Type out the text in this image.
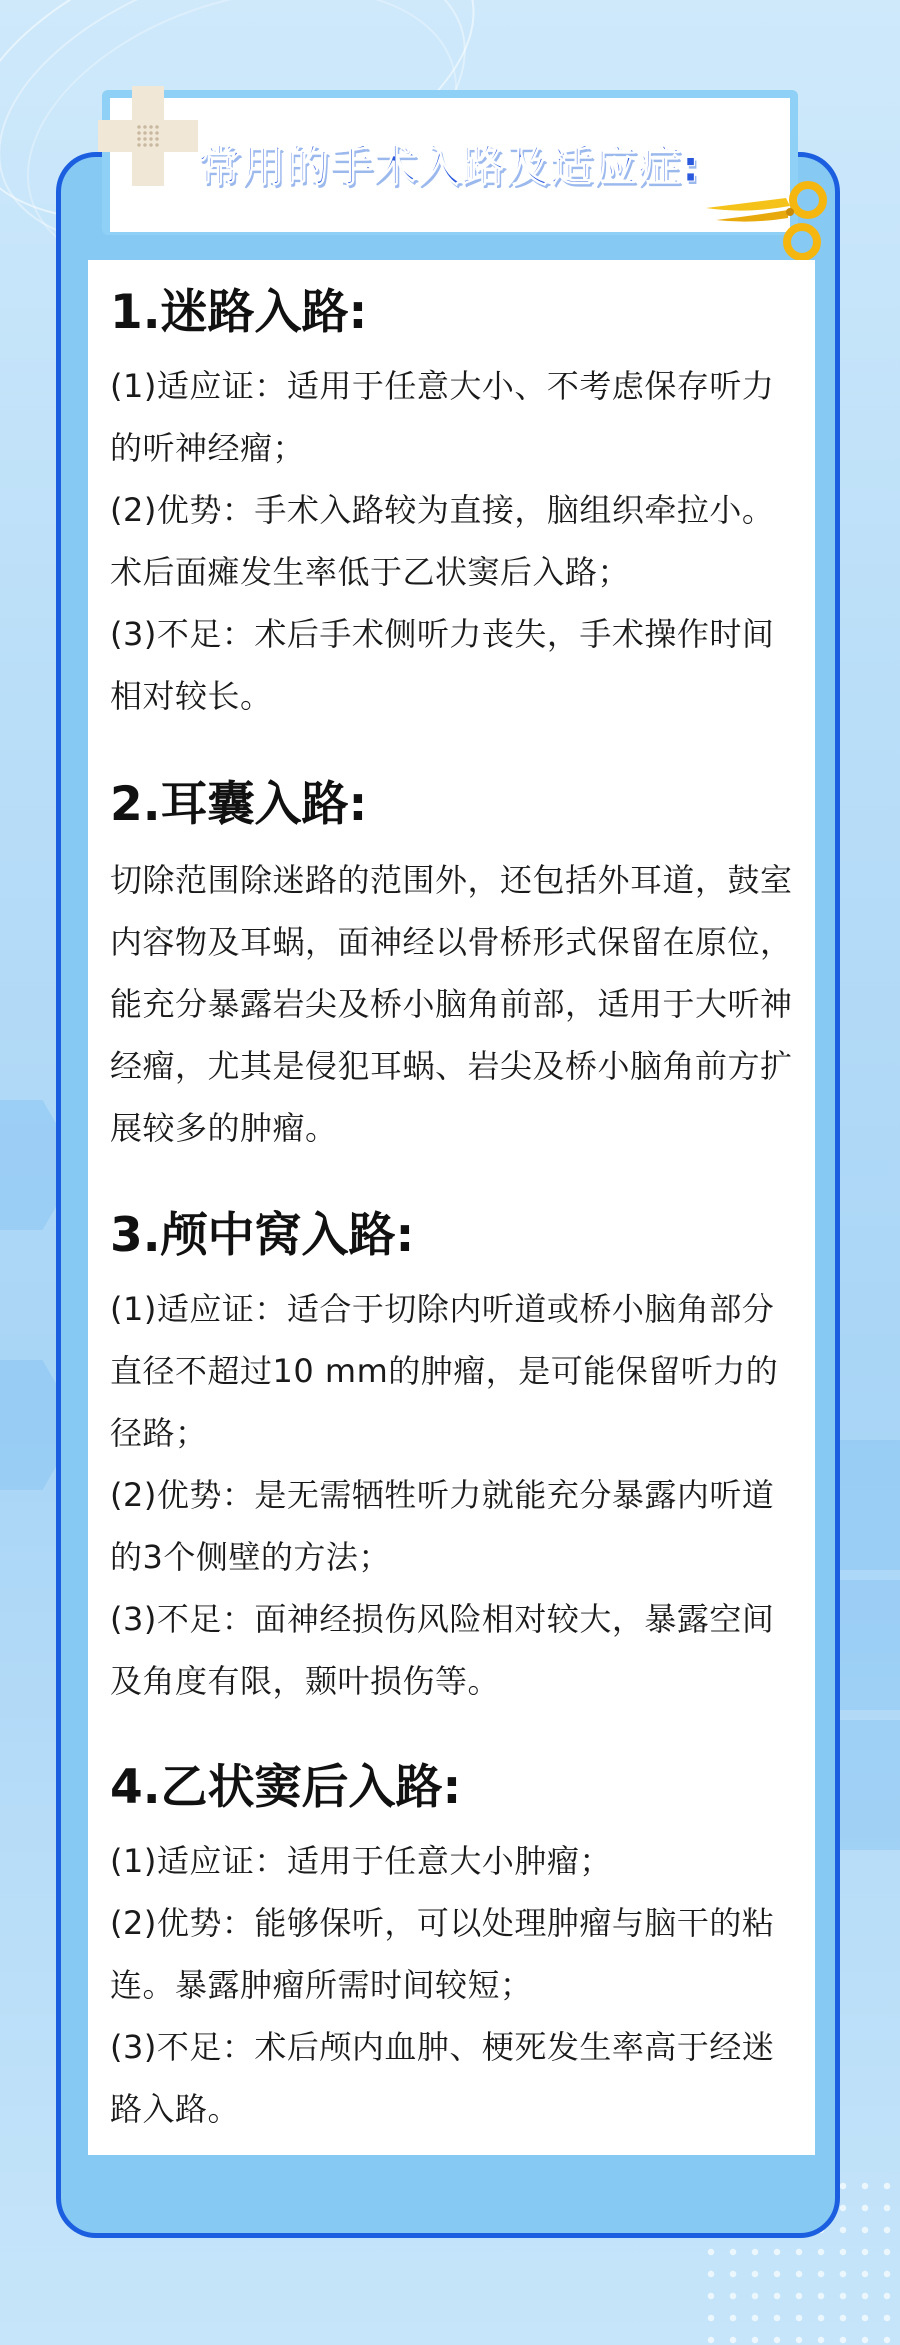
常用的手术入路及适应症:
1.迷路入路:

(1)适应证：适用于任意大小、不考虑保存听力的听神经瘤；

(2)优势：手术入路较为直接，脑组织牵拉小。术后面瘫发生率低于乙状窦后入路；

(3)不足：术后手术侧听力丧失，手术操作时间相对较长。

2.耳囊入路:

切除范围除迷路的范围外，还包括外耳道，鼓室内容物及耳蜗，面神经以骨桥形式保留在原位，能充分暴露岩尖及桥小脑角前部，适用于大听神经瘤，尤其是侵犯耳蜗、岩尖及桥小脑角前方扩展较多的肿瘤。

3.颅中窝入路:

(1)适应证：适合于切除内听道或桥小脑角部分直径不超过10 mm的肿瘤，是可能保留听力的径路；

(2)优势：是无需牺牲听力就能充分暴露内听道的3个侧壁的方法；

(3)不足：面神经损伤风险相对较大，暴露空间及角度有限，颞叶损伤等。

4.乙状窦后入路:

(1)适应证：适用于任意大小肿瘤；

(2)优势：能够保听，可以处理肿瘤与脑干的粘连。暴露肿瘤所需时间较短；

(3)不足：术后颅内血肿、梗死发生率高于经迷路入路。
